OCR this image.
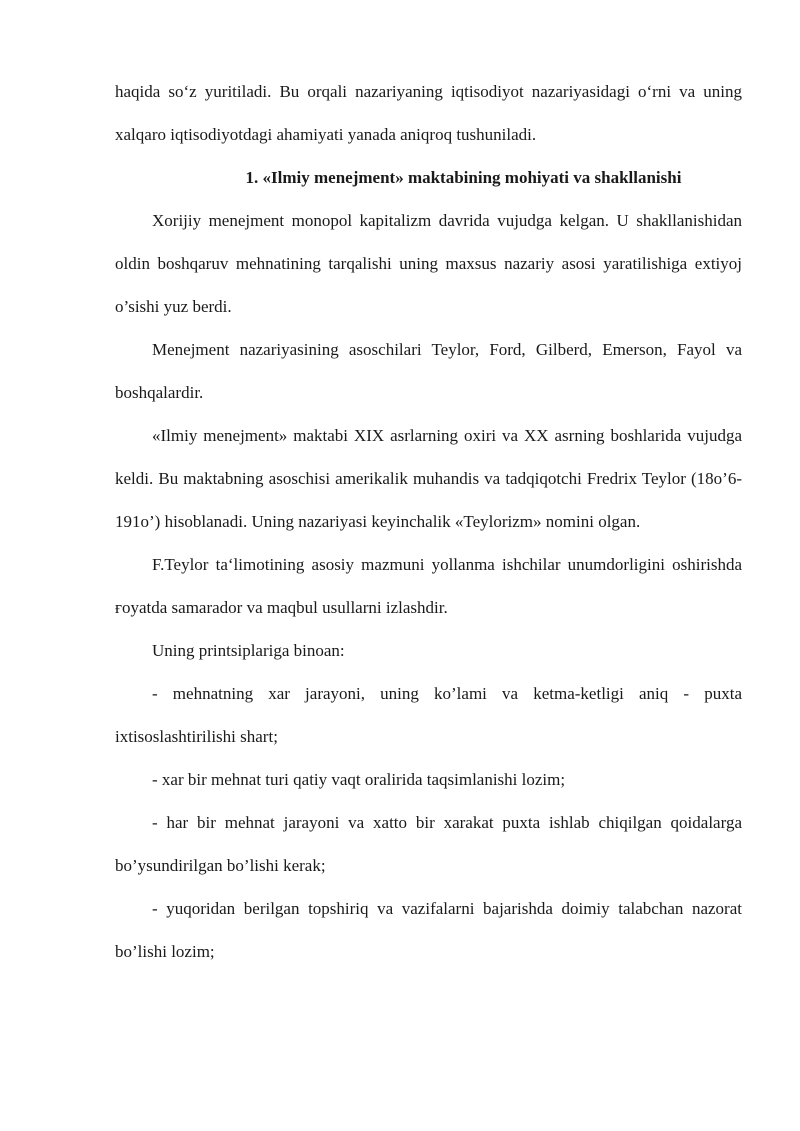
haqida so‘z yuritiladi. Bu orqali nazariyaning iqtisodiyot nazariyasidagi o‘rni va uning xalqaro iqtisodiyotdagi ahamiyati yanada aniqroq tushuniladi.

1. «Ilmiy menejment» maktabining mohiyati va shakllanishi

Xorijiy menejment monopol kapitalizm davrida vujudga kelgan. U shakllanishidan oldin boshqaruv mehnatining tarqalishi uning maxsus nazariy asosi yaratilishiga extiyoj o’sishi yuz berdi.

Menejment nazariyasining asoschilari Teylor, Ford, Gilberd, Emerson, Fayol va boshqalardir.

«Ilmiy menejment» maktabi XIX asrlarning oxiri va XX asrning boshlarida vujudga keldi. Bu maktabning asoschisi amerikalik muhandis va tadqiqotchi Fredrix Teylor (18o’6-191o’) hisoblanadi. Uning nazariyasi keyinchalik «Teylorizm» nomini olgan.

F.Teylor ta‘limotining asosiy mazmuni yollanma ishchilar unumdorligini oshirishda ғoyatda samarador va maqbul usullarni izlashdir.

Uning printsiplariga binoan:

- mehnatning xar jarayoni, uning ko’lami va ketma-ketligi aniq - puxta ixtisoslashtirilishi shart;

- xar bir mehnat turi qatiy vaqt oralirida taqsimlanishi lozim;

- har bir mehnat jarayoni va xatto bir xarakat puxta ishlab chiqilgan qoidalarga bo’ysundirilgan bo’lishi kerak;

- yuqoridan berilgan topshiriq va vazifalarni bajarishda doimiy talabchan nazorat bo’lishi lozim;
